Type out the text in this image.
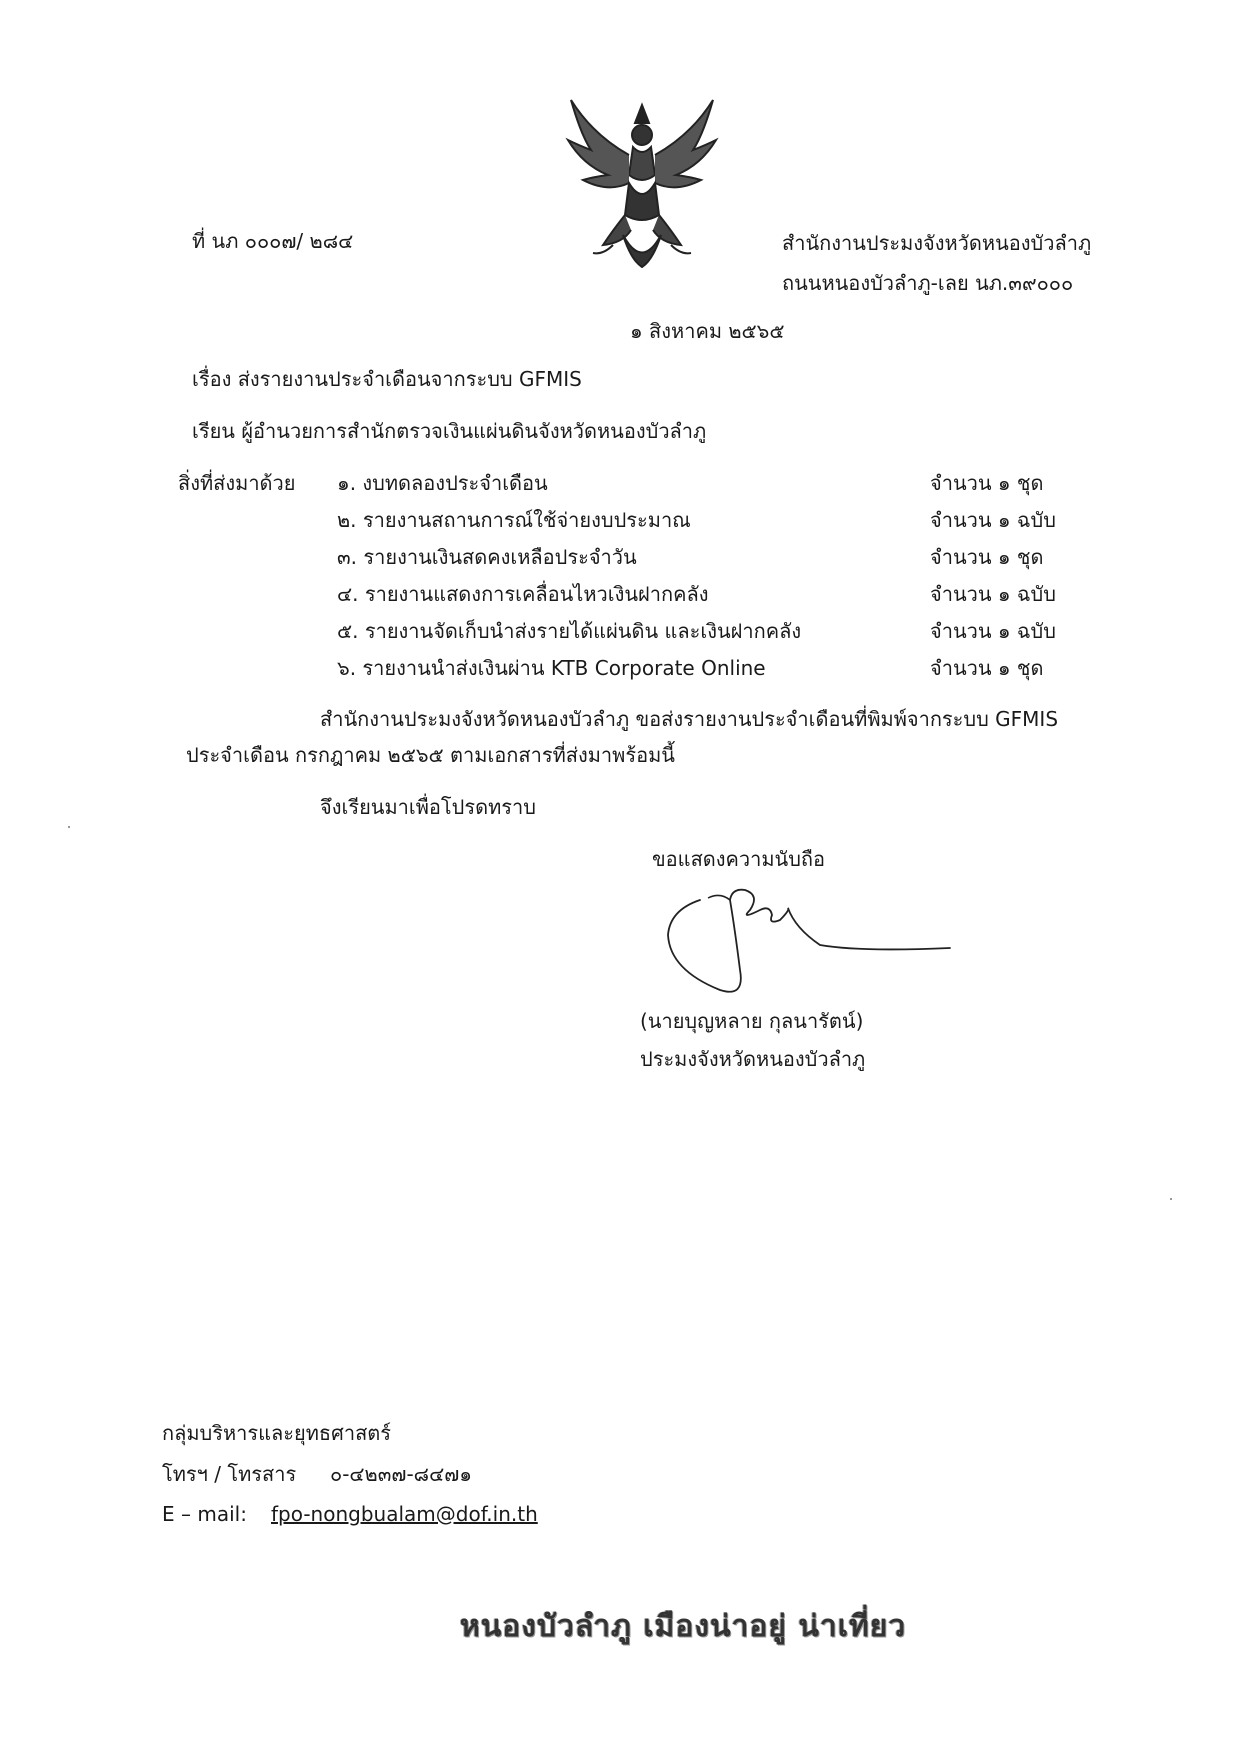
ที่ นภ ๐๐๐๗/ ๒๘๔	สำนักงานประมงจังหวัดหนองบัวลำภู
ถนนหนองบัวลำภู-เลย นภ.๓๙๐๐๐
๑ สิงหาคม ๒๕๖๕
เรื่อง ส่งรายงานประจำเดือนจากระบบ GFMIS
เรียน ผู้อำนวยการสำนักตรวจเงินแผ่นดินจังหวัดหนองบัวลำภู
สิ่งที่ส่งมาด้วย ๑. งบทดลองประจำเดือน	จำนวน ๑ ชุด
๒. รายงานสถานการณ์ใช้จ่ายงบประมาณ	จำนวน ๑ ฉบับ
๓. รายงานเงินสดคงเหลือประจำวัน	จำนวน ๑ ชุด
๔. รายงานแสดงการเคลื่อนไหวเงินฝากคลัง	จำนวน ๑ ฉบับ
๕. รายงานจัดเก็บนำส่งรายได้แผ่นดิน และเงินฝากคลัง	จำนวน ๑ ฉบับ
๖. รายงานนำส่งเงินผ่าน KTB Corporate Online	จำนวน ๑ ชุด
สำนักงานประมงจังหวัดหนองบัวลำภู ขอส่งรายงานประจำเดือนที่พิมพ์จากระบบ GFMIS
ประจำเดือน กรกฎาคม ๒๕๖๕ ตามเอกสารที่ส่งมาพร้อมนี้
จึงเรียนมาเพื่อโปรดทราบ
ขอแสดงความนับถือ
(นายบุญหลาย กุลนารัตน์)
ประมงจังหวัดหนองบัวลำภู
กลุ่มบริหารและยุทธศาสตร์
โทรฯ / โทรสาร ๐-๔๒๓๗-๘๔๗๑
E – mail: fpo-nongbualam@dof.in.th
หนองบัวลำภู เมืองน่าอยู่ น่าเที่ยว
